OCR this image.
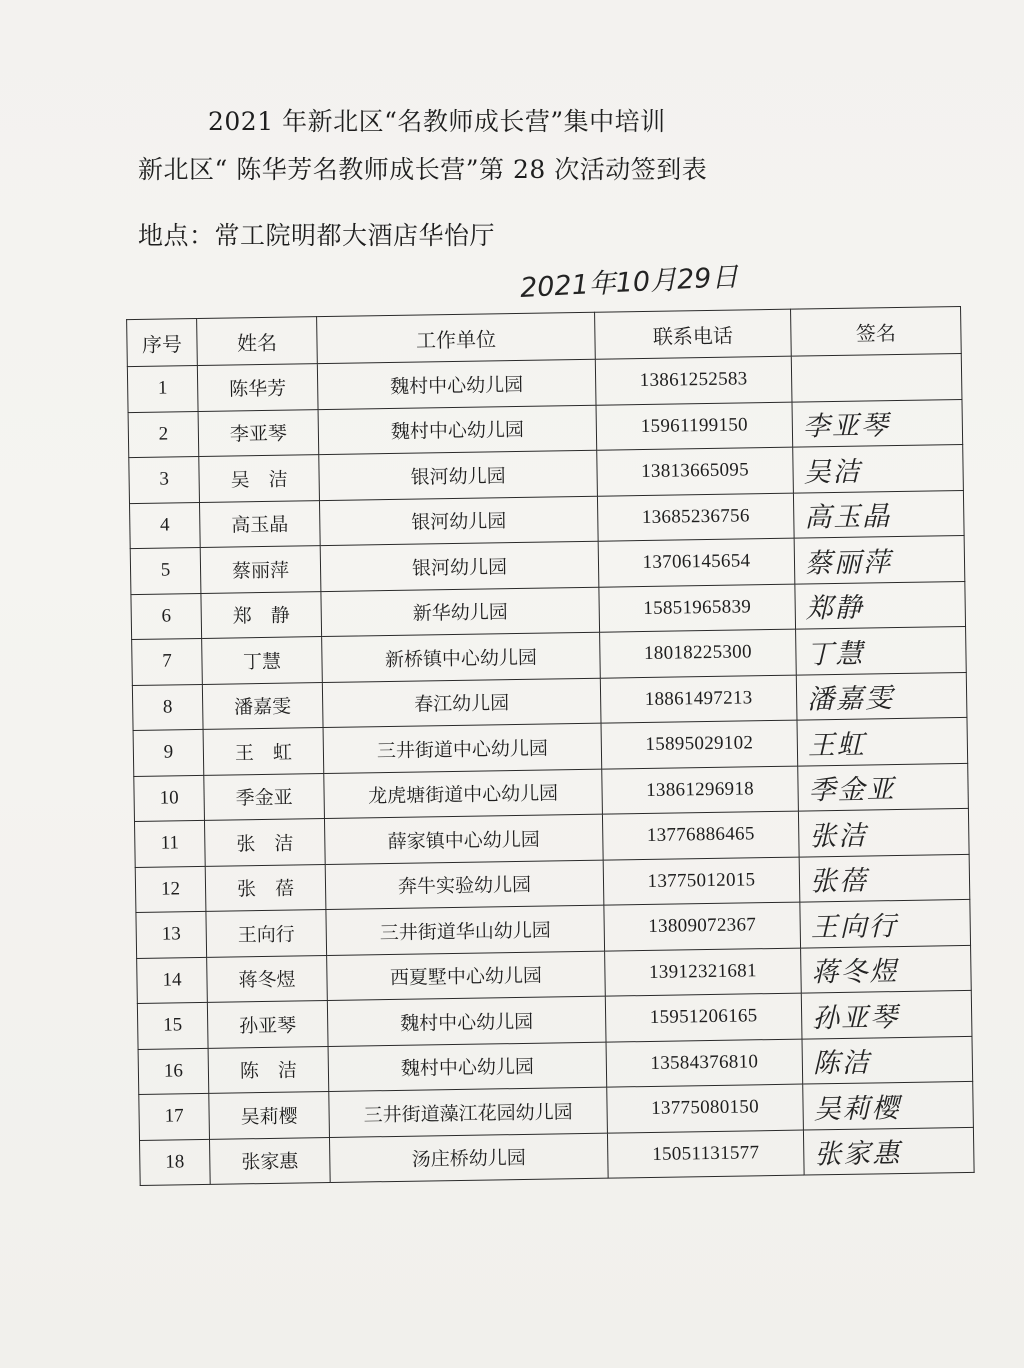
2021 年新北区“名教师成长营”集中培训
新北区“ 陈华芳名教师成长营”第 28 次活动签到表
地点：常工院明都大酒店华怡厅
2021年10月29日
序号	姓名	工作单位	联系电话	签名
1	陈华芳	魏村中心幼儿园	13861252583	
2	李亚琴	魏村中心幼儿园	15961199150	李亚琴
3	吴　洁	银河幼儿园	13813665095	吴洁
4	高玉晶	银河幼儿园	13685236756	高玉晶
5	蔡丽萍	银河幼儿园	13706145654	蔡丽萍
6	郑　静	新华幼儿园	15851965839	郑静
7	丁慧	新桥镇中心幼儿园	18018225300	丁慧
8	潘嘉雯	春江幼儿园	18861497213	潘嘉雯
9	王　虹	三井街道中心幼儿园	15895029102	王虹
10	季金亚	龙虎塘街道中心幼儿园	13861296918	季金亚
11	张　洁	薛家镇中心幼儿园	13776886465	张洁
12	张　蓓	奔牛实验幼儿园	13775012015	张蓓
13	王向行	三井街道华山幼儿园	13809072367	王向行
14	蒋冬煜	西夏墅中心幼儿园	13912321681	蒋冬煜
15	孙亚琴	魏村中心幼儿园	15951206165	孙亚琴
16	陈　洁	魏村中心幼儿园	13584376810	陈洁
17	吴莉樱	三井街道藻江花园幼儿园	13775080150	吴莉樱
18	张家惠	汤庄桥幼儿园	15051131577	张家惠
